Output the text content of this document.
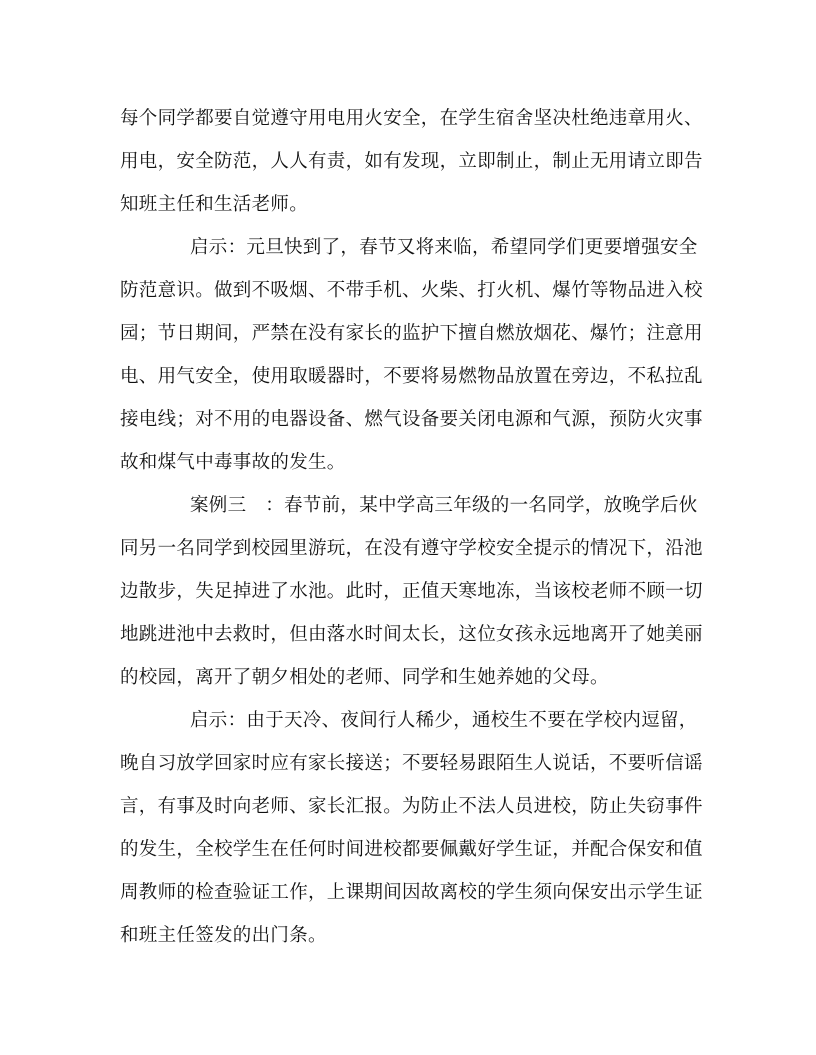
每个同学都要自觉遵守用电用火安全，在学生宿舍坚决杜绝违章用火、
用电，安全防范，人人有责，如有发现，立即制止，制止无用请立即告
知班主任和生活老师。
启示：元旦快到了，春节又将来临，希望同学们更要增强安全
防范意识。做到不吸烟、不带手机、火柴、打火机、爆竹等物品进入校
园；节日期间，严禁在没有家长的监护下擅自燃放烟花、爆竹；注意用
电、用气安全，使用取暖器时，不要将易燃物品放置在旁边，不私拉乱
接电线；对不用的电器设备、燃气设备要关闭电源和气源，预防火灾事
故和煤气中毒事故的发生。
案例三　：春节前，某中学高三年级的一名同学，放晚学后伙
同另一名同学到校园里游玩，在没有遵守学校安全提示的情况下，沿池
边散步，失足掉进了水池。此时，正值天寒地冻，当该校老师不顾一切
地跳进池中去救时，但由落水时间太长，这位女孩永远地离开了她美丽
的校园，离开了朝夕相处的老师、同学和生她养她的父母。
启示：由于天冷、夜间行人稀少，通校生不要在学校内逗留，
晚自习放学回家时应有家长接送；不要轻易跟陌生人说话，不要听信谣
言，有事及时向老师、家长汇报。为防止不法人员进校，防止失窃事件
的发生，全校学生在任何时间进校都要佩戴好学生证，并配合保安和值
周教师的检查验证工作，上课期间因故离校的学生须向保安出示学生证
和班主任签发的出门条。
